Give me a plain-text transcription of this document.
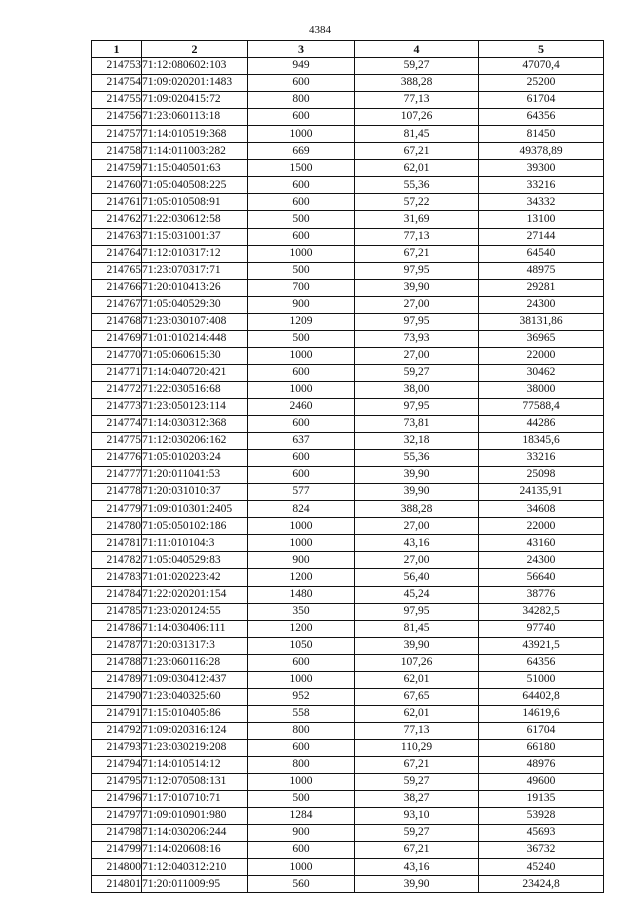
4384
1	2	3	4	5
214753	71:12:080602:103	949	59,27	47070,4
214754	71:09:020201:1483	600	388,28	25200
214755	71:09:020415:72	800	77,13	61704
214756	71:23:060113:18	600	107,26	64356
214757	71:14:010519:368	1000	81,45	81450
214758	71:14:011003:282	669	67,21	49378,89
214759	71:15:040501:63	1500	62,01	39300
214760	71:05:040508:225	600	55,36	33216
214761	71:05:010508:91	600	57,22	34332
214762	71:22:030612:58	500	31,69	13100
214763	71:15:031001:37	600	77,13	27144
214764	71:12:010317:12	1000	67,21	64540
214765	71:23:070317:71	500	97,95	48975
214766	71:20:010413:26	700	39,90	29281
214767	71:05:040529:30	900	27,00	24300
214768	71:23:030107:408	1209	97,95	38131,86
214769	71:01:010214:448	500	73,93	36965
214770	71:05:060615:30	1000	27,00	22000
214771	71:14:040720:421	600	59,27	30462
214772	71:22:030516:68	1000	38,00	38000
214773	71:23:050123:114	2460	97,95	77588,4
214774	71:14:030312:368	600	73,81	44286
214775	71:12:030206:162	637	32,18	18345,6
214776	71:05:010203:24	600	55,36	33216
214777	71:20:011041:53	600	39,90	25098
214778	71:20:031010:37	577	39,90	24135,91
214779	71:09:010301:2405	824	388,28	34608
214780	71:05:050102:186	1000	27,00	22000
214781	71:11:010104:3	1000	43,16	43160
214782	71:05:040529:83	900	27,00	24300
214783	71:01:020223:42	1200	56,40	56640
214784	71:22:020201:154	1480	45,24	38776
214785	71:23:020124:55	350	97,95	34282,5
214786	71:14:030406:111	1200	81,45	97740
214787	71:20:031317:3	1050	39,90	43921,5
214788	71:23:060116:28	600	107,26	64356
214789	71:09:030412:437	1000	62,01	51000
214790	71:23:040325:60	952	67,65	64402,8
214791	71:15:010405:86	558	62,01	14619,6
214792	71:09:020316:124	800	77,13	61704
214793	71:23:030219:208	600	110,29	66180
214794	71:14:010514:12	800	67,21	48976
214795	71:12:070508:131	1000	59,27	49600
214796	71:17:010710:71	500	38,27	19135
214797	71:09:010901:980	1284	93,10	53928
214798	71:14:030206:244	900	59,27	45693
214799	71:14:020608:16	600	67,21	36732
214800	71:12:040312:210	1000	43,16	45240
214801	71:20:011009:95	560	39,90	23424,8
